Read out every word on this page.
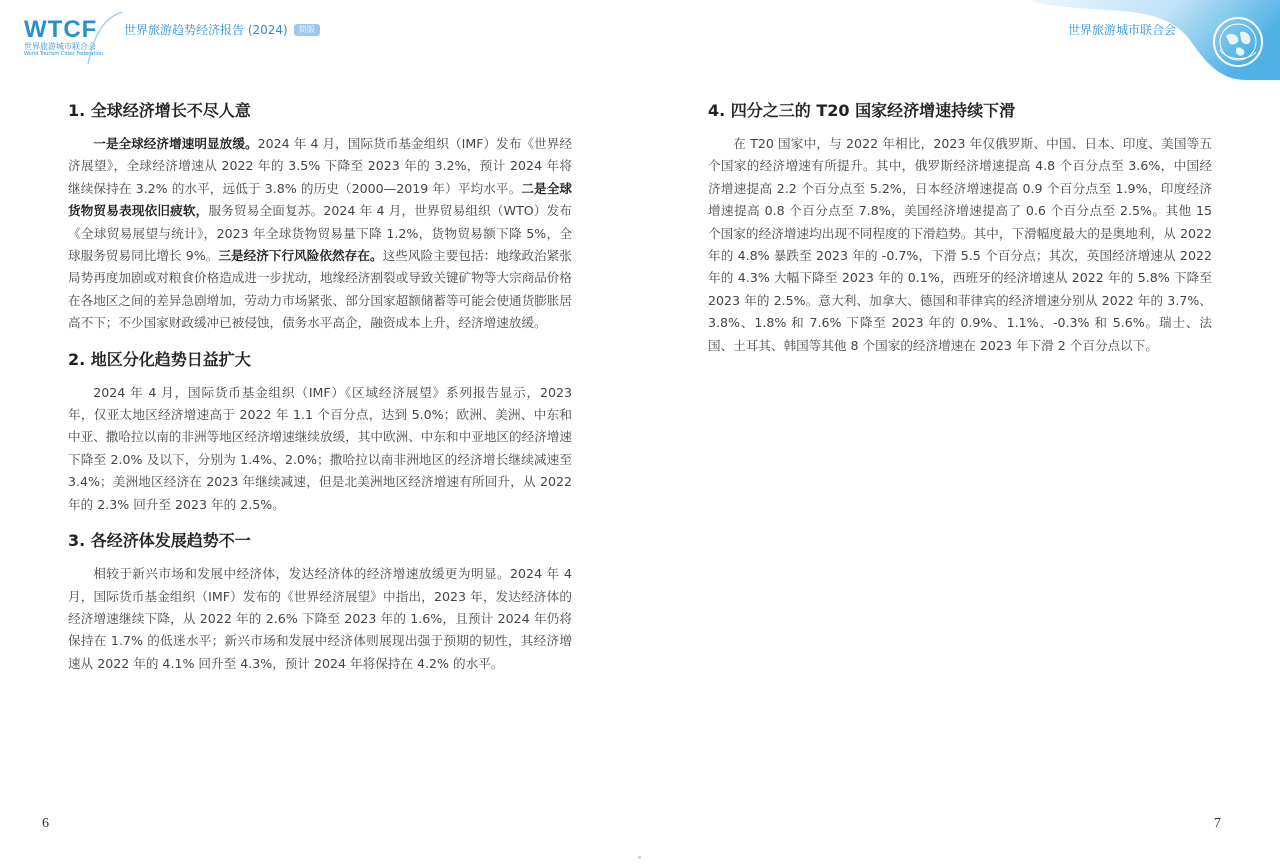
WTCF
世界旅游城市联合会
World Tourism Cities Federation
世界旅游趋势经济报告 (2024) 简版	世界旅游城市联合会
1. 全球经济增长不尽人意

一是全球经济增速明显放缓。2024 年 4 月，国际货币基金组织（IMF）发布《世界经济展望》，全球经济增速从 2022 年的 3.5% 下降至 2023 年的 3.2%，预计 2024 年将继续保持在 3.2% 的水平，远低于 3.8% 的历史（2000—2019 年）平均水平。二是全球货物贸易表现依旧疲软，服务贸易全面复苏。2024 年 4 月，世界贸易组织（WTO）发布《全球贸易展望与统计》，2023 年全球货物贸易量下降 1.2%，货物贸易额下降 5%，全球服务贸易同比增长 9%。三是经济下行风险依然存在。这些风险主要包括：地缘政治紧张局势再度加剧或对粮食价格造成进一步扰动，地缘经济割裂或导致关键矿物等大宗商品价格在各地区之间的差异急剧增加，劳动力市场紧张、部分国家超额储蓄等可能会使通货膨胀居高不下；不少国家财政缓冲已被侵蚀，债务水平高企，融资成本上升，经济增速放缓。

2. 地区分化趋势日益扩大

2024 年 4 月，国际货币基金组织（IMF）《区域经济展望》系列报告显示，2023 年，仅亚太地区经济增速高于 2022 年 1.1 个百分点，达到 5.0%；欧洲、美洲、中东和中亚、撒哈拉以南的非洲等地区经济增速继续放缓，其中欧洲、中东和中亚地区的经济增速下降至 2.0% 及以下，分别为 1.4%、2.0%；撒哈拉以南非洲地区的经济增长继续减速至 3.4%；美洲地区经济在 2023 年继续减速，但是北美洲地区经济增速有所回升，从 2022 年的 2.3% 回升至 2023 年的 2.5%。

3. 各经济体发展趋势不一

相较于新兴市场和发展中经济体，发达经济体的经济增速放缓更为明显。2024 年 4 月，国际货币基金组织（IMF）发布的《世界经济展望》中指出，2023 年，发达经济体的经济增速继续下降，从 2022 年的 2.6% 下降至 2023 年的 1.6%，且预计 2024 年仍将保持在 1.7% 的低迷水平；新兴市场和发展中经济体则展现出强于预期的韧性，其经济增速从 2022 年的 4.1% 回升至 4.3%，预计 2024 年将保持在 4.2% 的水平。

4. 四分之三的 T20 国家经济增速持续下滑

在 T20 国家中，与 2022 年相比，2023 年仅俄罗斯、中国、日本、印度、美国等五个国家的经济增速有所提升。其中，俄罗斯经济增速提高 4.8 个百分点至 3.6%，中国经济增速提高 2.2 个百分点至 5.2%，日本经济增速提高 0.9 个百分点至 1.9%，印度经济增速提高 0.8 个百分点至 7.8%，美国经济增速提高了 0.6 个百分点至 2.5%。其他 15 个国家的经济增速均出现不同程度的下滑趋势。其中，下滑幅度最大的是奥地利，从 2022 年的 4.8% 暴跌至 2023 年的 -0.7%，下滑 5.5 个百分点；其次，英国经济增速从 2022 年的 4.3% 大幅下降至 2023 年的 0.1%，西班牙的经济增速从 2022 年的 5.8% 下降至 2023 年的 2.5%。意大利、加拿大、德国和菲律宾的经济增速分别从 2022 年的 3.7%、3.8%、1.8% 和 7.6% 下降至 2023 年的 0.9%、1.1%、-0.3% 和 5.6%。瑞士、法国、土耳其、韩国等其他 8 个国家的经济增速在 2023 年下滑 2 个百分点以下。

6	7
